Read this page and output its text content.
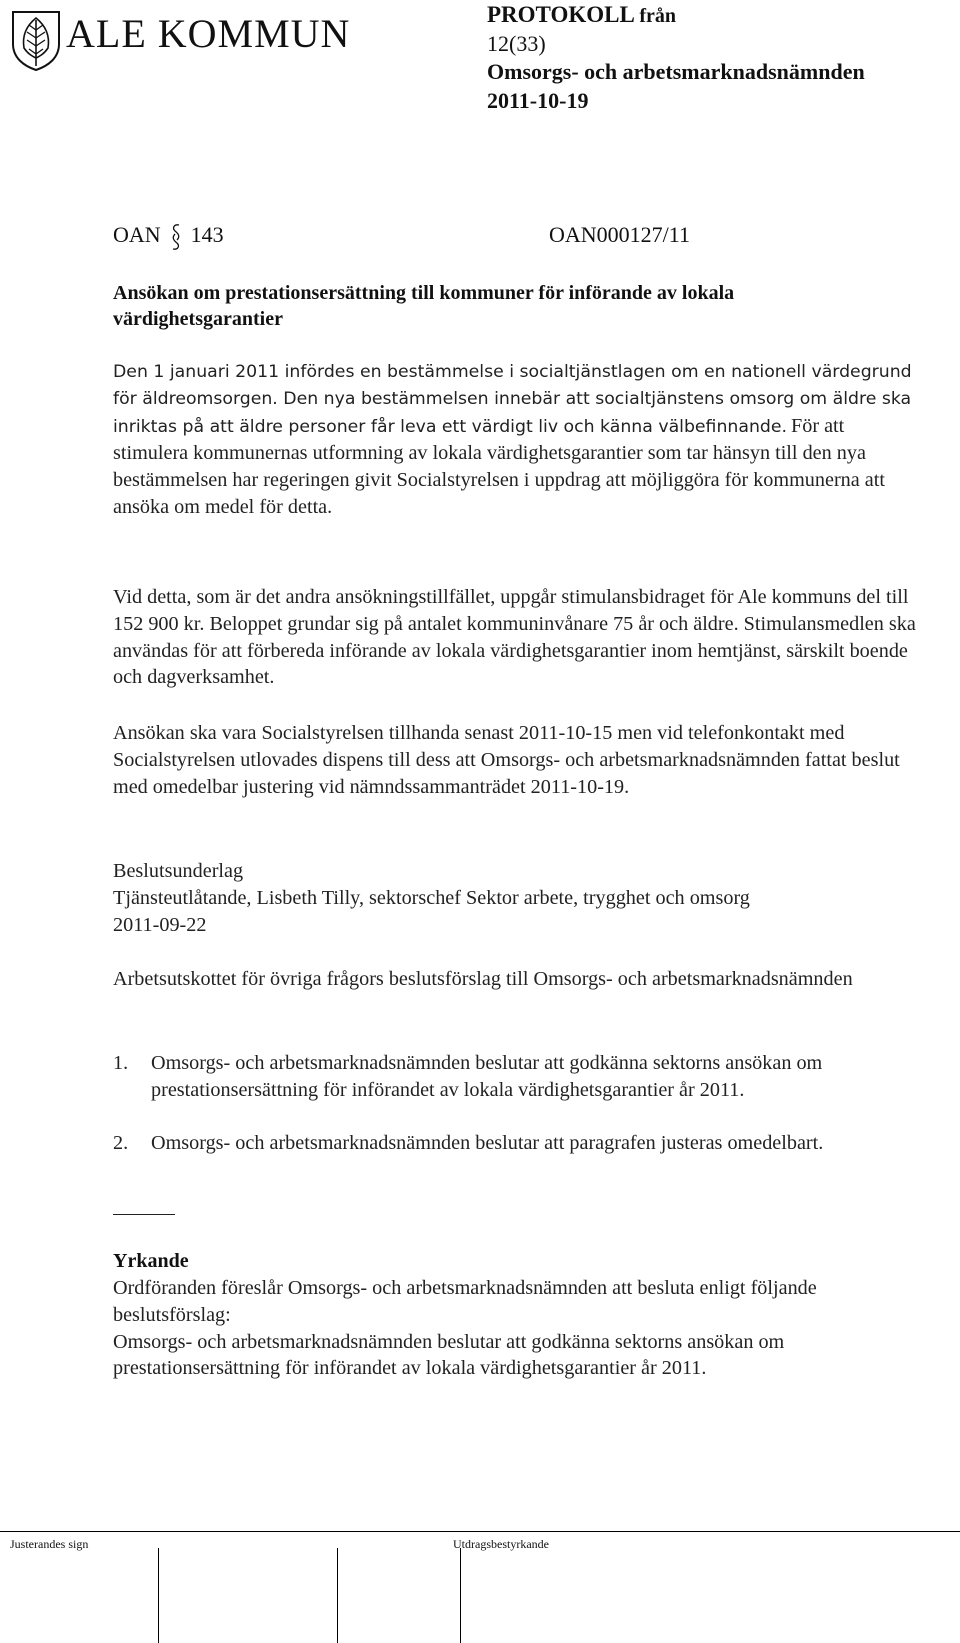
ALE KOMMUN	PROTOKOLL från
12(33)
Omsorgs- och arbetsmarknadsnämnden
2011-10-19
OAN 143	OAN000127/11
Ansökan om prestationsersättning till kommuner för införande av lokala värdighetsgarantier
Den 1 januari 2011 infördes en bestämmelse i socialtjänstlagen om en nationell värdegrund för äldreomsorgen. Den nya bestämmelsen innebär att socialtjänstens omsorg om äldre ska inriktas på att äldre personer får leva ett värdigt liv och känna välbefinnande. För att stimulera kommunernas utformning av lokala värdighetsgarantier som tar hänsyn till den nya bestämmelsen har regeringen givit Socialstyrelsen i uppdrag att möjliggöra för kommunerna att ansöka om medel för detta.
Vid detta, som är det andra ansökningstillfället, uppgår stimulansbidraget för Ale kommuns del till 152 900 kr. Beloppet grundar sig på antalet kommuninvånare 75 år och äldre. Stimulansmedlen ska användas för att förbereda införande av lokala värdighetsgarantier inom hemtjänst, särskilt boende och dagverksamhet.
Ansökan ska vara Socialstyrelsen tillhanda senast 2011-10-15 men vid telefonkontakt med Socialstyrelsen utlovades dispens till dess att Omsorgs- och arbetsmarknadsnämnden fattat beslut med omedelbar justering vid nämndssammanträdet 2011-10-19.
Beslutsunderlag
Tjänsteutlåtande, Lisbeth Tilly, sektorschef Sektor arbete, trygghet och omsorg
2011-09-22
Arbetsutskottet för övriga frågors beslutsförslag till Omsorgs- och arbetsmarknadsnämnden
1. Omsorgs- och arbetsmarknadsnämnden beslutar att godkänna sektorns ansökan om prestationsersättning för införandet av lokala värdighetsgarantier år 2011.
2. Omsorgs- och arbetsmarknadsnämnden beslutar att paragrafen justeras omedelbart.
Yrkande
Ordföranden föreslår Omsorgs- och arbetsmarknadsnämnden att besluta enligt följande beslutsförslag:
Omsorgs- och arbetsmarknadsnämnden beslutar att godkänna sektorns ansökan om prestationsersättning för införandet av lokala värdighetsgarantier år 2011.
Justerandes sign	Utdragsbestyrkande
